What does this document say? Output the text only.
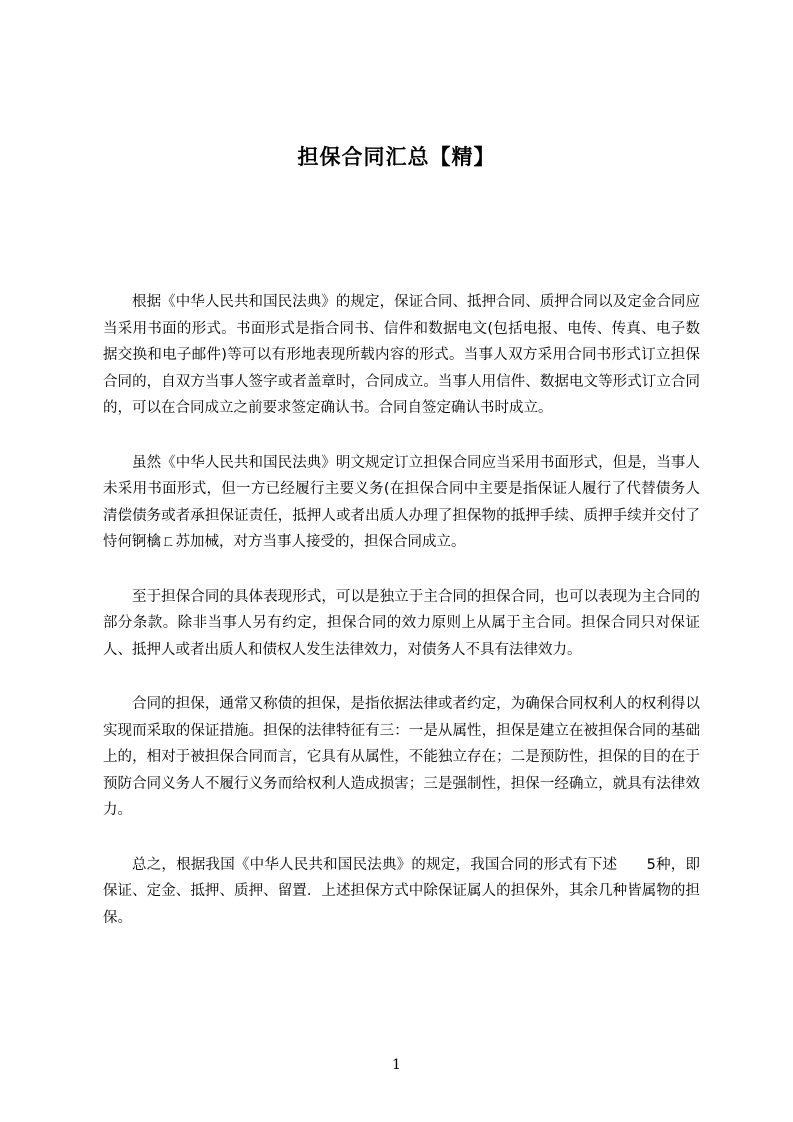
担保合同汇总【精】

根据《中华人民共和国民法典》的规定，保证合同、抵押合同、质押合同以及定金合同应当采用书面的形式。书面形式是指合同书、信件和数据电文(包括电报、电传、传真、电子数据交换和电子邮件)等可以有形地表现所载内容的形式。当事人双方采用合同书形式订立担保合同的，自双方当事人签字或者盖章时，合同成立。当事人用信件、数据电文等形式订立合同的，可以在合同成立之前要求签定确认书。合同自签定确认书时成立。

虽然《中华人民共和国民法典》明文规定订立担保合同应当采用书面形式，但是，当事人未采用书面形式，但一方已经履行主要义务(在担保合同中主要是指保证人履行了代替债务人清偿债务或者承担保证责任，抵押人或者出质人办理了担保物的抵押手续、质押手续并交付了恃何锕檎ㄈ苏加械，对方当事人接受的，担保合同成立。

至于担保合同的具体表现形式，可以是独立于主合同的担保合同，也可以表现为主合同的部分条款。除非当事人另有约定，担保合同的效力原则上从属于主合同。担保合同只对保证人、抵押人或者出质人和债权人发生法律效力，对债务人不具有法律效力。

合同的担保，通常又称债的担保，是指依据法律或者约定，为确保合同权利人的权利得以实现而采取的保证措施。担保的法律特征有三：一是从属性，担保是建立在被担保合同的基础上的，相对于被担保合同而言，它具有从属性，不能独立存在；二是预防性，担保的目的在于预防合同义务人不履行义务而给权利人造成损害；三是强制性，担保一经确立，就具有法律效力。

总之，根据我国《中华人民共和国民法典》的规定，我国合同的形式有下述　　5种，即保证、定金、抵押、质押、留置．上述担保方式中除保证属人的担保外，其余几种皆属物的担保。

1
